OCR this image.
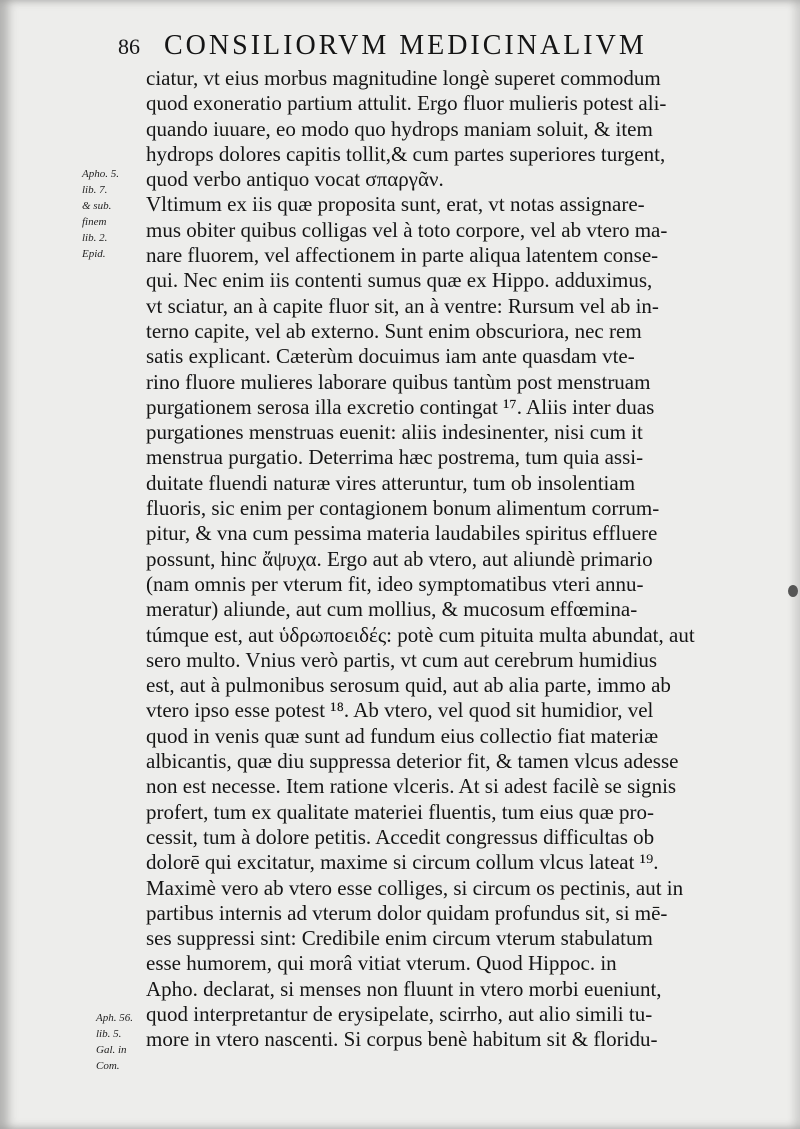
86 CONSILIORVM MEDICINALIVM
Apho. 5.
lib. 7.
& sub.
finem
lib. 2.
Epid.
Aph. 56.
lib. 5.
Gal. in
Com.
ciatur, vt eius morbus magnitudine longè superet commodum
quod exoneratio partium attulit. Ergo fluor mulieris potest ali-
quando iuuare, eo modo quo hydrops maniam soluit, & item
hydrops dolores capitis tollit,& cum partes superiores turgent,
quod verbo antiquo vocat σπαργᾶν.
Vltimum ex iis quæ proposita sunt, erat, vt notas assignare-
mus obiter quibus colligas vel à toto corpore, vel ab vtero ma-
nare fluorem, vel affectionem in parte aliqua latentem conse-
qui. Nec enim iis contenti sumus quæ ex Hippo. adduximus,
vt sciatur, an à capite fluor sit, an à ventre: Rursum vel ab in-
terno capite, vel ab externo. Sunt enim obscuriora, nec rem
satis explicant. Cæterùm docuimus iam ante quasdam vte-
rino fluore mulieres laborare quibus tantùm post menstruam
purgationem serosa illa excretio contingat ¹⁷. Aliis inter duas
purgationes menstruas euenit: aliis indesinenter, nisi cum it
menstrua purgatio. Deterrima hæc postrema, tum quia assi-
duitate fluendi naturæ vires atteruntur, tum ob insolentiam
fluoris, sic enim per contagionem bonum alimentum corrum-
pitur, & vna cum pessima materia laudabiles spiritus effluere
possunt, hinc ἄψυχα. Ergo aut ab vtero, aut aliundè primario
(nam omnis per vterum fit, ideo symptomatibus vteri annu-
meratur) aliunde, aut cum mollius, & mucosum effœmina-
túmque est, aut ὑδρωποειδές: potè cum pituita multa abundat, aut
sero multo. Vnius verò partis, vt cum aut cerebrum humidius
est, aut à pulmonibus serosum quid, aut ab alia parte, immo ab
vtero ipso esse potest ¹⁸. Ab vtero, vel quod sit humidior, vel
quod in venis quæ sunt ad fundum eius collectio fiat materiæ
albicantis, quæ diu suppressa deterior fit, & tamen vlcus adesse
non est necesse. Item ratione vlceris. At si adest facilè se signis
profert, tum ex qualitate materiei fluentis, tum eius quæ pro-
cessit, tum à dolore petitis. Accedit congressus difficultas ob
dolorē qui excitatur, maxime si circum collum vlcus lateat ¹⁹.
Maximè vero ab vtero esse colliges, si circum os pectinis, aut in
partibus internis ad vterum dolor quidam profundus sit, si mē-
ses suppressi sint: Credibile enim circum vterum stabulatum
esse humorem, qui morâ vitiat vterum. Quod Hippoc. in
Apho. declarat, si menses non fluunt in vtero morbi eueniunt,
quod interpretantur de erysipelate, scirrho, aut alio simili tu-
more in vtero nascenti. Si corpus benè habitum sit & floridu-
